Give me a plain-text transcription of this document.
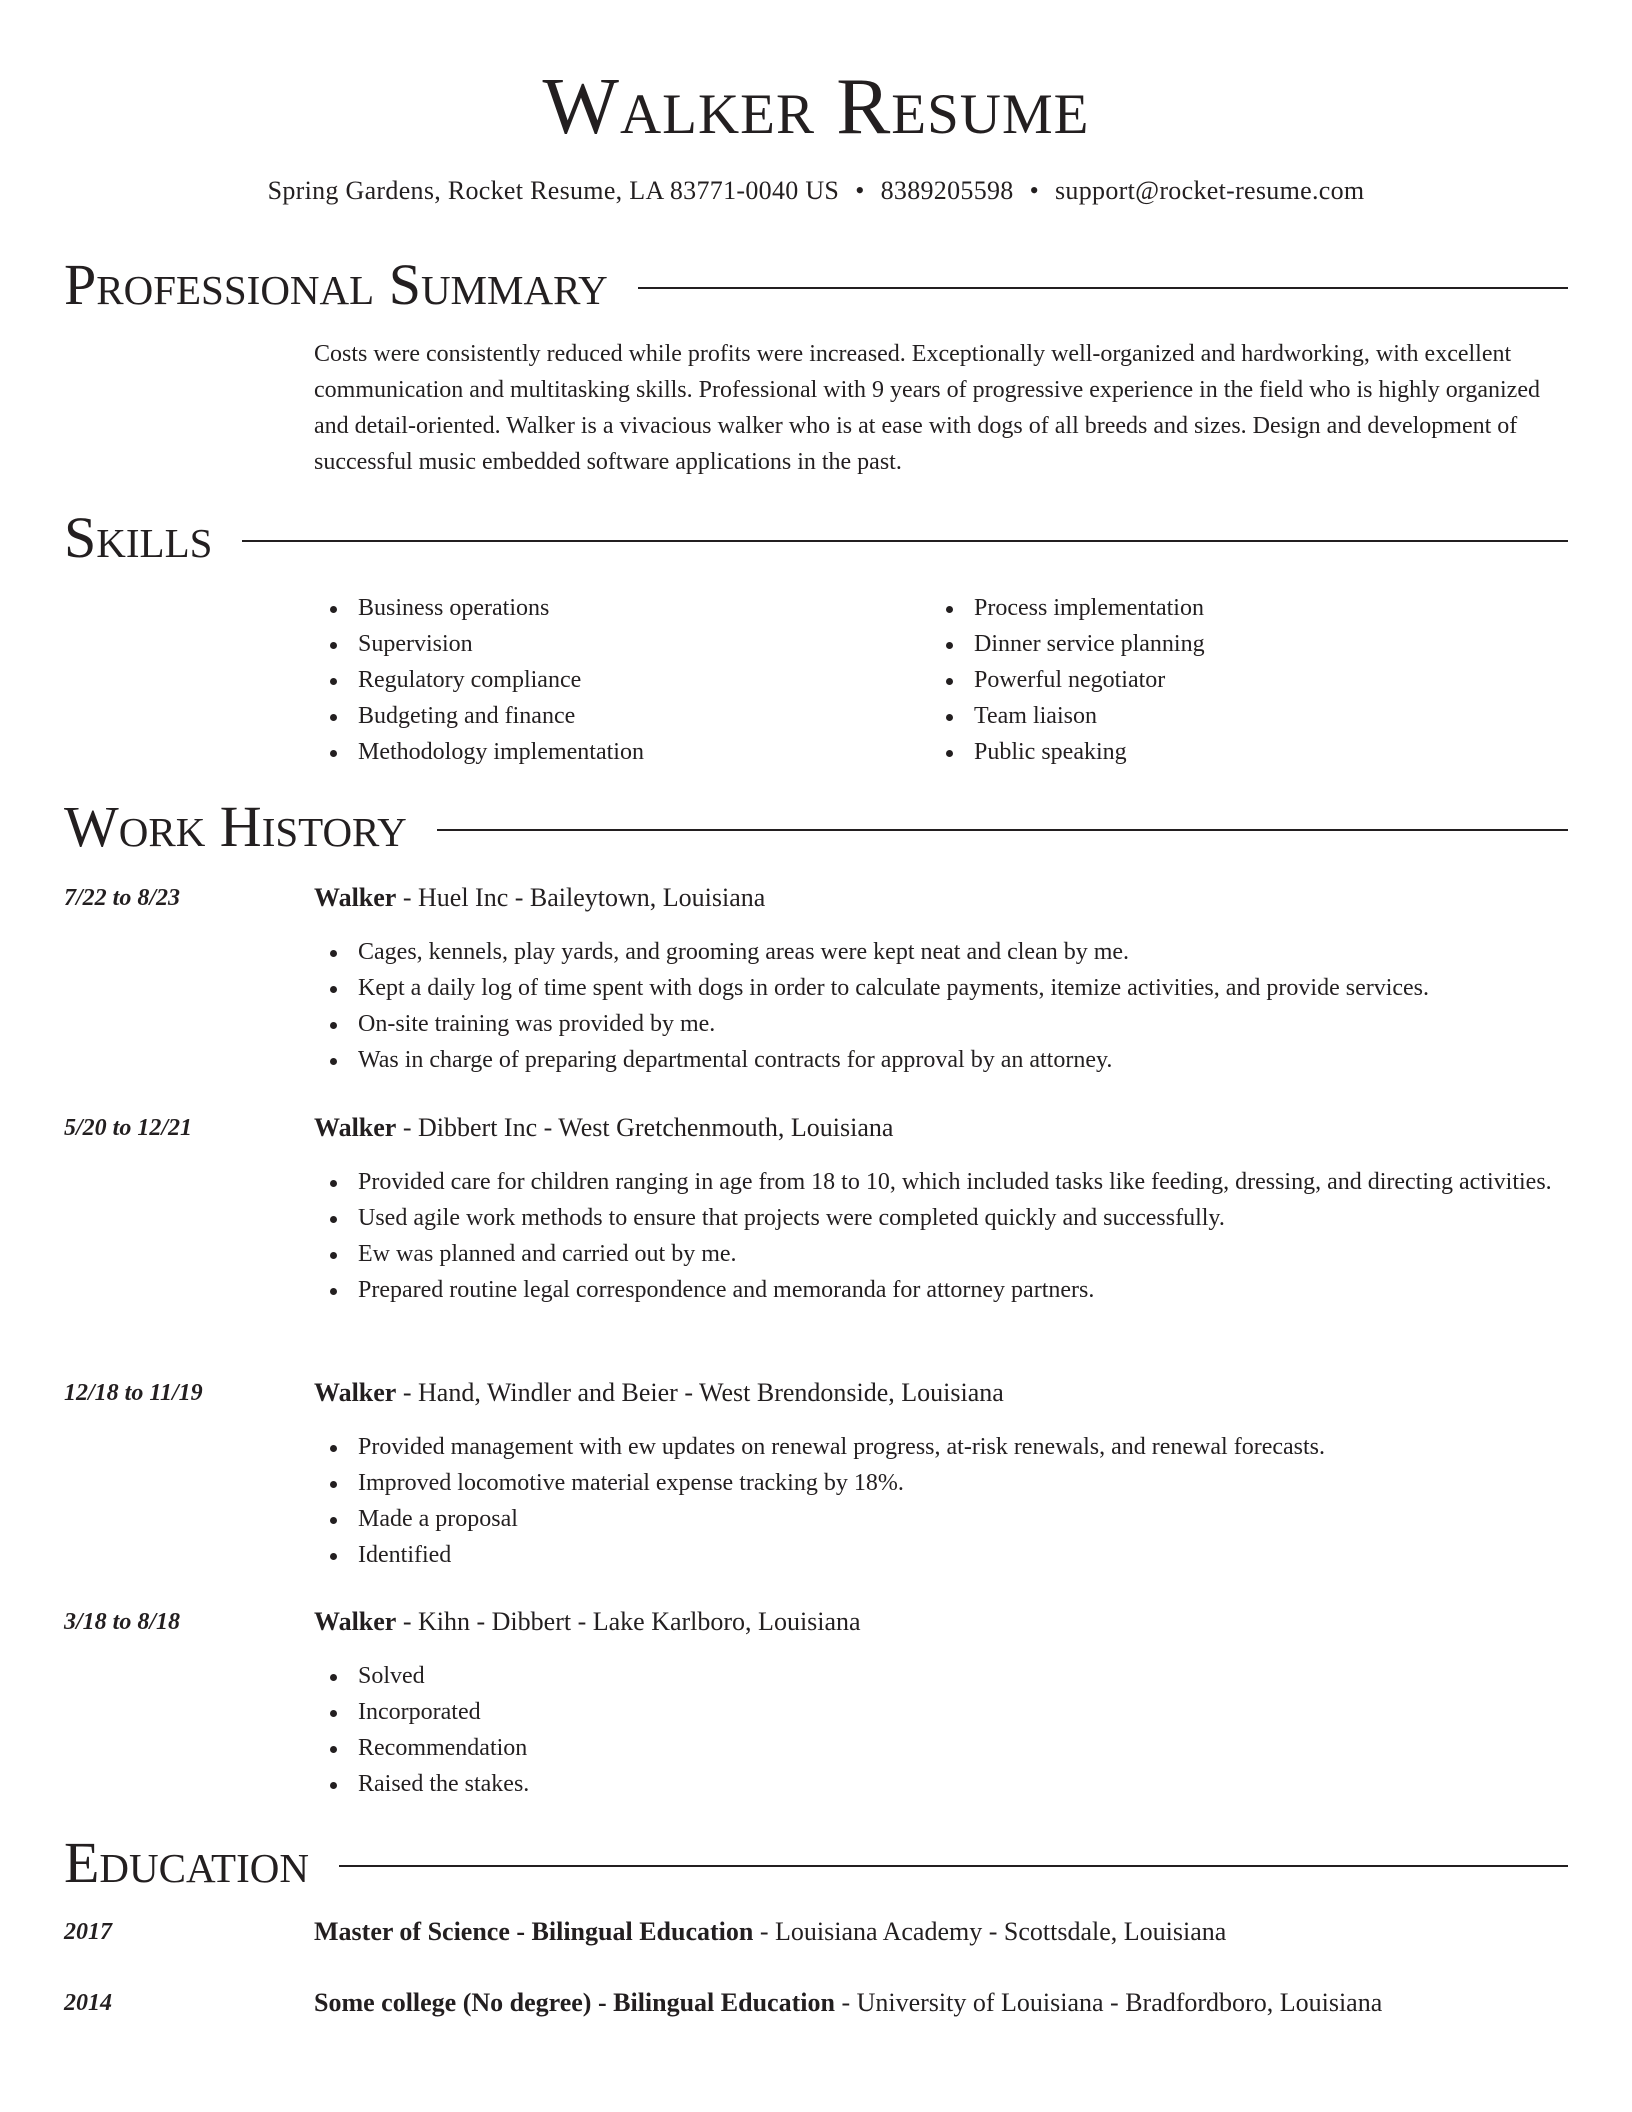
Walker Resume
Spring Gardens, Rocket Resume, LA 83771-0040 US • 8389205598 • support@rocket-resume.com
Professional Summary
Costs were consistently reduced while profits were increased. Exceptionally well-organized and hardworking, with excellent communication and multitasking skills. Professional with 9 years of progressive experience in the field who is highly organized and detail-oriented. Walker is a vivacious walker who is at ease with dogs of all breeds and sizes. Design and development of successful music embedded software applications in the past.
Skills
Business operations
Supervision
Regulatory compliance
Budgeting and finance
Methodology implementation
Process implementation
Dinner service planning
Powerful negotiator
Team liaison
Public speaking
Work History
7/22 to 8/23	Walker - Huel Inc - Baileytown, Louisiana
Cages, kennels, play yards, and grooming areas were kept neat and clean by me.
Kept a daily log of time spent with dogs in order to calculate payments, itemize activities, and provide services.
On-site training was provided by me.
Was in charge of preparing departmental contracts for approval by an attorney.
5/20 to 12/21	Walker - Dibbert Inc - West Gretchenmouth, Louisiana
Provided care for children ranging in age from 18 to 10, which included tasks like feeding, dressing, and directing activities.
Used agile work methods to ensure that projects were completed quickly and successfully.
Ew was planned and carried out by me.
Prepared routine legal correspondence and memoranda for attorney partners.
12/18 to 11/19	Walker - Hand, Windler and Beier - West Brendonside, Louisiana
Provided management with ew updates on renewal progress, at-risk renewals, and renewal forecasts.
Improved locomotive material expense tracking by 18%.
Made a proposal
Identified
3/18 to 8/18	Walker - Kihn - Dibbert - Lake Karlboro, Louisiana
Solved
Incorporated
Recommendation
Raised the stakes.
Education
2017	Master of Science - Bilingual Education - Louisiana Academy - Scottsdale, Louisiana
2014	Some college (No degree) - Bilingual Education - University of Louisiana - Bradfordboro, Louisiana
